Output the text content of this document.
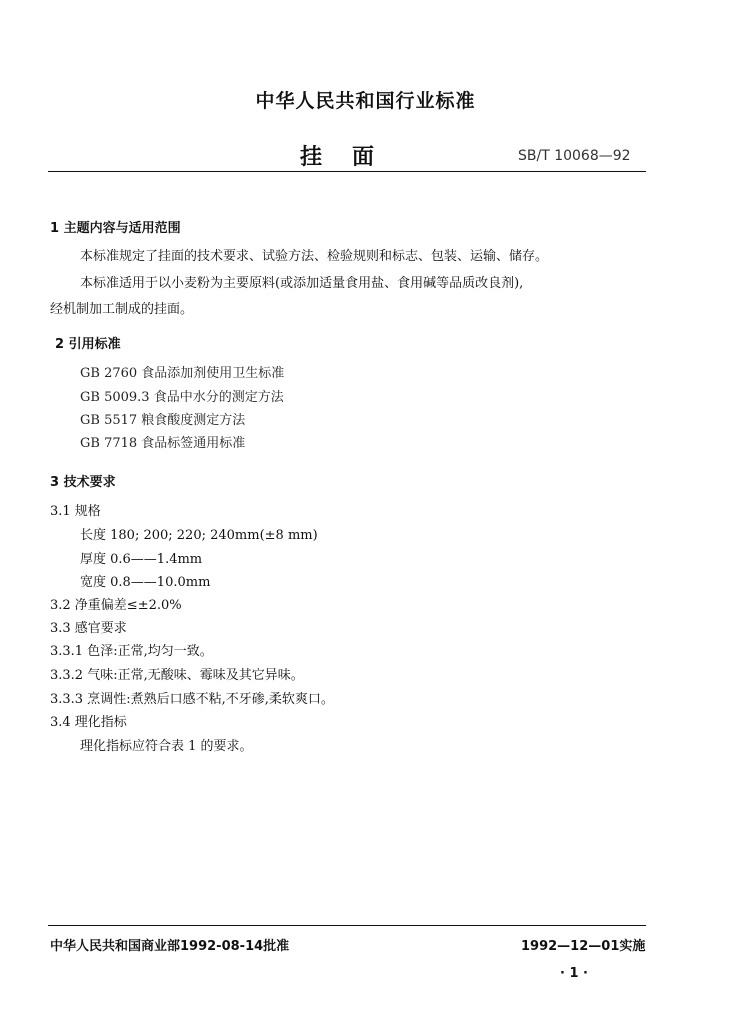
中华人民共和国行业标准
挂面	SB/T 10068—92
1 主题内容与适用范围
本标准规定了挂面的技术要求、试验方法、检验规则和标志、包装、运输、储存。
本标准适用于以小麦粉为主要原料(或添加适量食用盐、食用碱等品质改良剂),
经机制加工制成的挂面。
2 引用标准
GB 2760 食品添加剂使用卫生标准
GB 5009.3 食品中水分的测定方法
GB 5517 粮食酸度测定方法
GB 7718 食品标签通用标准
3 技术要求
3.1 规格
长度 180; 200; 220; 240mm(±8 mm)
厚度 0.6——1.4mm
宽度 0.8——10.0mm
3.2 净重偏差≤±2.0%
3.3 感官要求
3.3.1 色泽:正常,均匀一致。
3.3.2 气味:正常,无酸味、霉味及其它异味。
3.3.3 烹调性:煮熟后口感不粘,不牙碜,柔软爽口。
3.4 理化指标
理化指标应符合表 1 的要求。
中华人民共和国商业部1992-08-14批准	1992—12—01实施
· 1 ·
